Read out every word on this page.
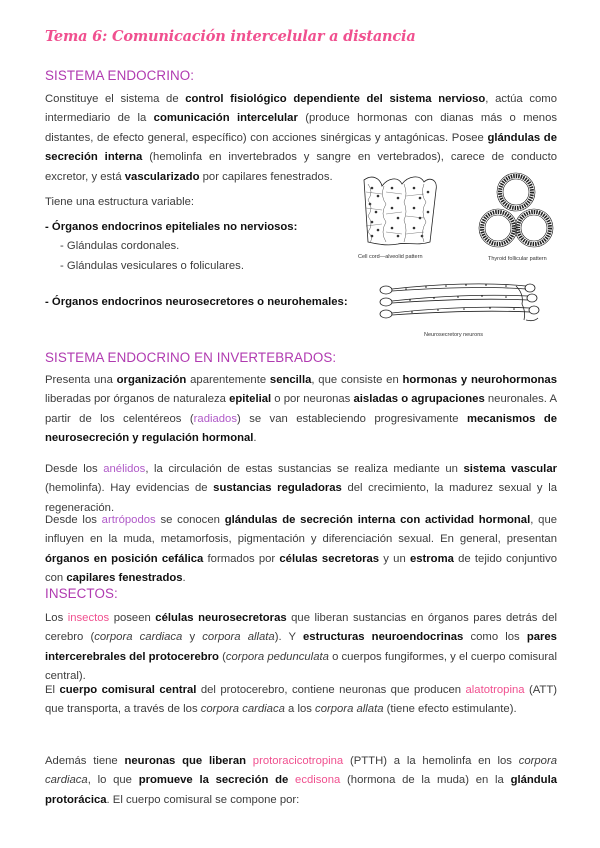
Tema 6: Comunicación intercelular a distancia
SISTEMA ENDOCRINO:
Constituye el sistema de control fisiológico dependiente del sistema nervioso, actúa como intermediario de la comunicación intercelular (produce hormonas con dianas más o menos distantes, de efecto general, específico) con acciones sinérgicas y antagónicas. Posee glándulas de secreción interna (hemolinfa en invertebrados y sangre en vertebrados), carece de conducto excretor, y está vascularizado por capilares fenestrados.
Tiene una estructura variable:
- Órganos endocrinos epiteliales no nerviosos:
- Glándulas cordonales.
- Glándulas vesiculares o foliculares.
- Órganos endocrinos neurosecretores o neurohemales:
Cell cord—alveolid pattern	Thyroid follicular pattern
Neurosecretory neurons
SISTEMA ENDOCRINO EN INVERTEBRADOS:
Presenta una organización aparentemente sencilla, que consiste en hormonas y neurohormonas liberadas por órganos de naturaleza epitelial o por neuronas aisladas o agrupaciones neuronales. A partir de los celentéreos (radiados) se van estableciendo progresivamente mecanismos de neurosecreción y regulación hormonal.
Desde los anélidos, la circulación de estas sustancias se realiza mediante un sistema vascular (hemolinfa). Hay evidencias de sustancias reguladoras del crecimiento, la madurez sexual y la regeneración.
Desde los artrópodos se conocen glándulas de secreción interna con actividad hormonal, que influyen en la muda, metamorfosis, pigmentación y diferenciación sexual. En general, presentan órganos en posición cefálica formados por células secretoras y un estroma de tejido conjuntivo con capilares fenestrados.
INSECTOS:
Los insectos poseen células neurosecretoras que liberan sustancias en órganos pares detrás del cerebro (corpora cardiaca y corpora allata). Y estructuras neuroendocrinas como los pares intercerebrales del protocerebro (corpora pedunculata o cuerpos fungiformes, y el cuerpo comisural central).
El cuerpo comisural central del protocerebro, contiene neuronas que producen alatotropina (ATT) que transporta, a través de los corpora cardiaca a los corpora allata (tiene efecto estimulante).
Además tiene neuronas que liberan protoracicotropina (PTTH) a la hemolinfa en los corpora cardiaca, lo que promueve la secreción de ecdisona (hormona de la muda) en la glándula protorácica. El cuerpo comisural se compone por:
